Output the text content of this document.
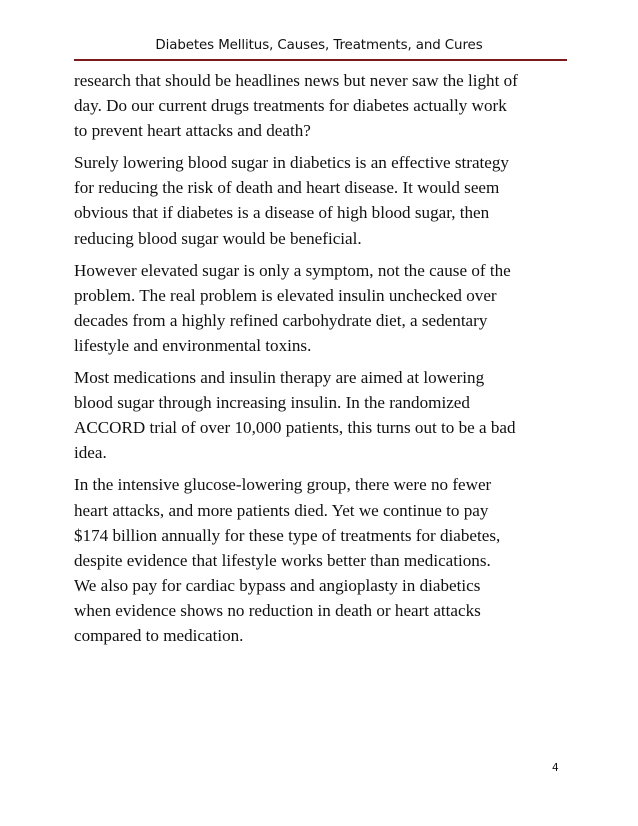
Diabetes Mellitus, Causes, Treatments, and Cures

research that should be headlines news but never saw the light of
day. Do our current drugs treatments for diabetes actually work
to prevent heart attacks and death?

Surely lowering blood sugar in diabetics is an effective strategy
for reducing the risk of death and heart disease. It would seem
obvious that if diabetes is a disease of high blood sugar, then
reducing blood sugar would be beneficial.

However elevated sugar is only a symptom, not the cause of the
problem. The real problem is elevated insulin unchecked over
decades from a highly refined carbohydrate diet, a sedentary
lifestyle and environmental toxins.

Most medications and insulin therapy are aimed at lowering
blood sugar through increasing insulin. In the randomized
ACCORD trial of over 10,000 patients, this turns out to be a bad
idea.

In the intensive glucose-lowering group, there were no fewer
heart attacks, and more patients died. Yet we continue to pay
$174 billion annually for these type of treatments for diabetes,
despite evidence that lifestyle works better than medications.
We also pay for cardiac bypass and angioplasty in diabetics
when evidence shows no reduction in death or heart attacks
compared to medication.

4
